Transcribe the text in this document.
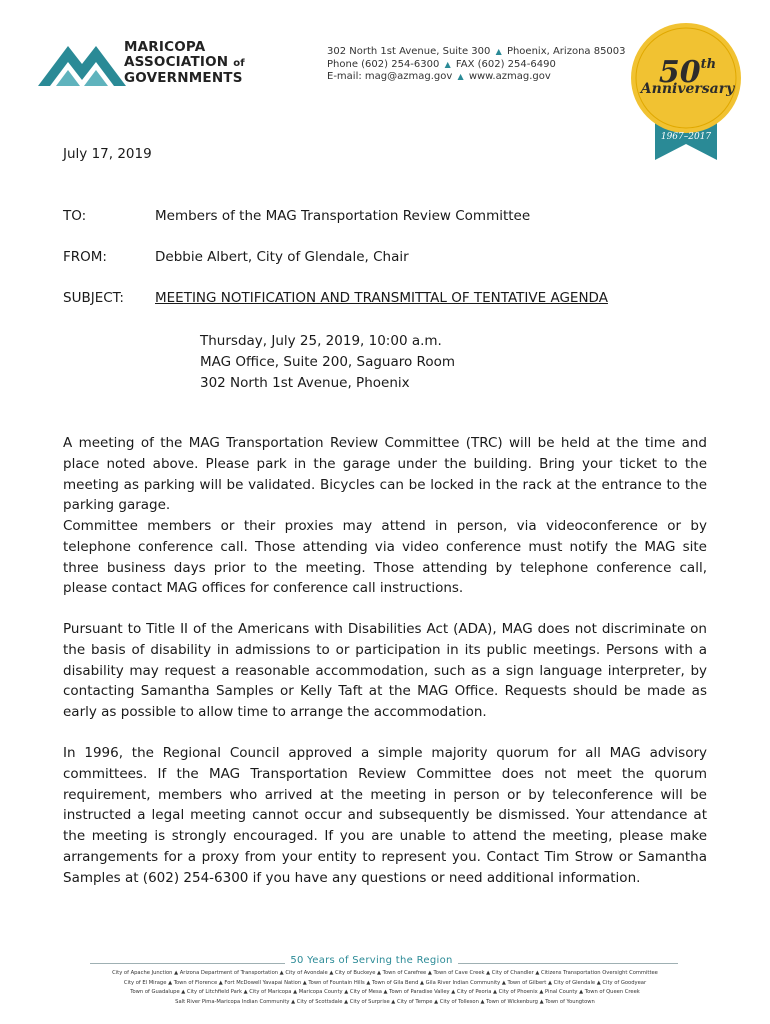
MARICOPA
ASSOCIATION of
GOVERNMENTS
302 North 1st Avenue, Suite 300 ▲ Phoenix, Arizona 85003
Phone (602) 254-6300 ▲ FAX (602) 254-6490
E-mail: mag@azmag.gov ▲ www.azmag.gov	50th
Anniversary
1967–2017
July 17, 2019
TO:	Members of the MAG Transportation Review Committee
FROM:	Debbie Albert, City of Glendale, Chair
SUBJECT: MEETING NOTIFICATION AND TRANSMITTAL OF TENTATIVE AGENDA
Thursday, July 25, 2019, 10:00 a.m.
MAG Office, Suite 200, Saguaro Room
302 North 1st Avenue, Phoenix
A meeting of the MAG Transportation Review Committee (TRC) will be held at the time and place noted above. Please park in the garage under the building. Bring your ticket to the meeting as parking will be validated. Bicycles can be locked in the rack at the entrance to the parking garage.
Committee members or their proxies may attend in person, via videoconference or by telephone conference call. Those attending via video conference must notify the MAG site three business days prior to the meeting. Those attending by telephone conference call, please contact MAG offices for conference call instructions.
Pursuant to Title II of the Americans with Disabilities Act (ADA), MAG does not discriminate on the basis of disability in admissions to or participation in its public meetings. Persons with a disability may request a reasonable accommodation, such as a sign language interpreter, by contacting Samantha Samples or Kelly Taft at the MAG Office. Requests should be made as early as possible to allow time to arrange the accommodation.
In 1996, the Regional Council approved a simple majority quorum for all MAG advisory committees. If the MAG Transportation Review Committee does not meet the quorum requirement, members who arrived at the meeting in person or by teleconference will be instructed a legal meeting cannot occur and subsequently be dismissed. Your attendance at the meeting is strongly encouraged. If you are unable to attend the meeting, please make arrangements for a proxy from your entity to represent you. Contact Tim Strow or Samantha Samples at (602) 254-6300 if you have any questions or need additional information.
50 Years of Serving the Region
City of Apache Junction ▲ Arizona Department of Transportation ▲ City of Avondale ▲ City of Buckeye ▲ Town of Carefree ▲ Town of Cave Creek ▲ City of Chandler ▲ Citizens Transportation Oversight Committee
City of El Mirage ▲ Town of Florence ▲ Fort McDowell Yavapai Nation ▲ Town of Fountain Hills ▲ Town of Gila Bend ▲ Gila River Indian Community ▲ Town of Gilbert ▲ City of Glendale ▲ City of Goodyear
Town of Guadalupe ▲ City of Litchfield Park ▲ City of Maricopa ▲ Maricopa County ▲ City of Mesa ▲ Town of Paradise Valley ▲ City of Peoria ▲ City of Phoenix ▲ Pinal County ▲ Town of Queen Creek
Salt River Pima-Maricopa Indian Community ▲ City of Scottsdale ▲ City of Surprise ▲ City of Tempe ▲ City of Tolleson ▲ Town of Wickenburg ▲ Town of Youngtown
